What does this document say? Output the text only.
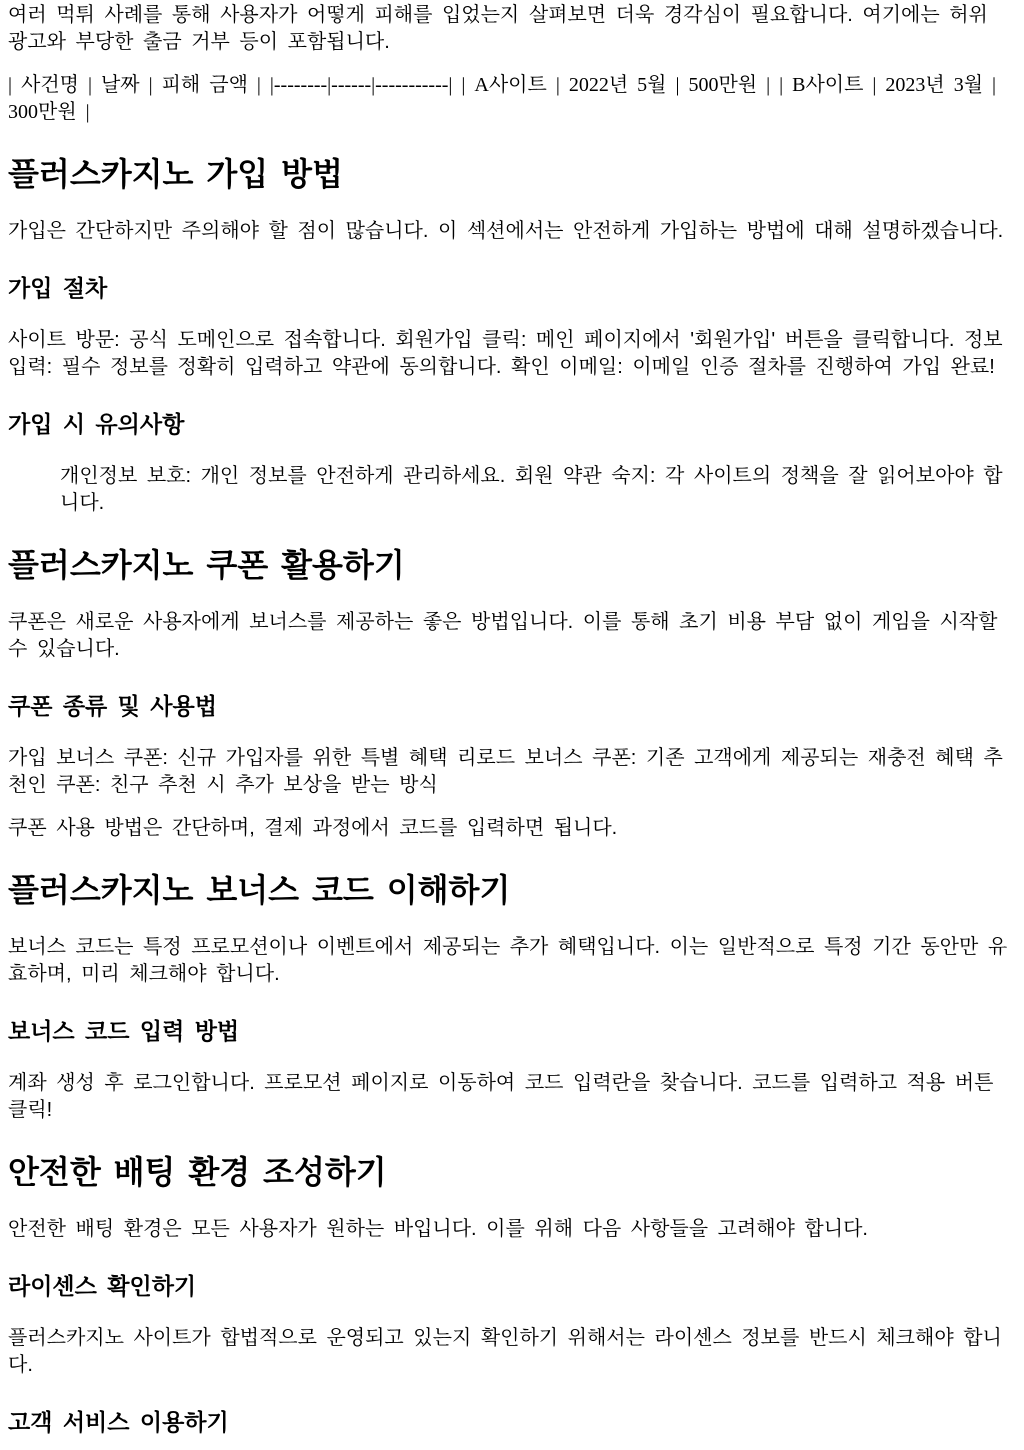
여러 먹튀 사례를 통해 사용자가 어떻게 피해를 입었는지 살펴보면 더욱 경각심이 필요합니다. 여기에는 허위 광고와 부당한 출금 거부 등이 포함됩니다.

| 사건명 | 날짜 | 피해 금액 | |--------|------|-----------| | A사이트 | 2022년 5월 | 500만원 | | B사이트 | 2023년 3월 | 300만원 |

플러스카지노 가입 방법

가입은 간단하지만 주의해야 할 점이 많습니다. 이 섹션에서는 안전하게 가입하는 방법에 대해 설명하겠습니다.

가입 절차

사이트 방문: 공식 도메인으로 접속합니다. 회원가입 클릭: 메인 페이지에서 '회원가입' 버튼을 클릭합니다. 정보 입력: 필수 정보를 정확히 입력하고 약관에 동의합니다. 확인 이메일: 이메일 인증 절차를 진행하여 가입 완료!

가입 시 유의사항
개인정보 보호: 개인 정보를 안전하게 관리하세요. 회원 약관 숙지: 각 사이트의 정책을 잘 읽어보아야 합니다.
플러스카지노 쿠폰 활용하기

쿠폰은 새로운 사용자에게 보너스를 제공하는 좋은 방법입니다. 이를 통해 초기 비용 부담 없이 게임을 시작할 수 있습니다.

쿠폰 종류 및 사용법

가입 보너스 쿠폰: 신규 가입자를 위한 특별 혜택 리로드 보너스 쿠폰: 기존 고객에게 제공되는 재충전 혜택 추천인 쿠폰: 친구 추천 시 추가 보상을 받는 방식

쿠폰 사용 방법은 간단하며, 결제 과정에서 코드를 입력하면 됩니다.

플러스카지노 보너스 코드 이해하기

보너스 코드는 특정 프로모션이나 이벤트에서 제공되는 추가 혜택입니다. 이는 일반적으로 특정 기간 동안만 유효하며, 미리 체크해야 합니다.

보너스 코드 입력 방법

계좌 생성 후 로그인합니다. 프로모션 페이지로 이동하여 코드 입력란을 찾습니다. 코드를 입력하고 적용 버튼 클릭!

안전한 배팅 환경 조성하기

안전한 배팅 환경은 모든 사용자가 원하는 바입니다. 이를 위해 다음 사항들을 고려해야 합니다.

라이센스 확인하기

플러스카지노 사이트가 합법적으로 운영되고 있는지 확인하기 위해서는 라이센스 정보를 반드시 체크해야 합니다.

고객 서비스 이용하기
